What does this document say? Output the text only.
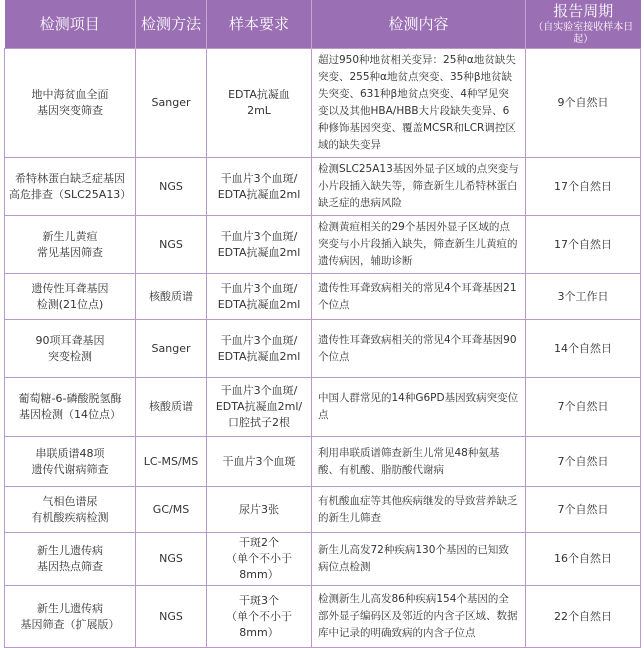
检测项目	检测方法	样本要求	检测内容	报告周期
（自实验室接收样本日起）

地中海贫血全面
基因突变筛查	Sanger	EDTA抗凝血
2mL	超过950种地贫相关变异：25种α地贫缺失突变、255种α地贫点突变、35种β地贫缺失突变、631种β地贫点突变、4种罕见突变以及其他HBA/HBB大片段缺失变异、6种修饰基因突变、覆盖MCSR和LCR调控区域的缺失变异	9个自然日

希特林蛋白缺乏症基因
高危排查（SLC25A13）	NGS	干血片3个血斑/
EDTA抗凝血2ml	检测SLC25A13基因外显子区域的点突变与小片段插入缺失等，筛查新生儿希特林蛋白缺乏症的患病风险	17个自然日

新生儿黄疸
常见基因筛查	NGS	干血片3个血斑/
EDTA抗凝血2ml	检测黄疸相关的29个基因外显子区域的点突变与小片段插入缺失，筛查新生儿黄疸的遗传病因，辅助诊断	17个自然日

遗传性耳聋基因
检测(21位点)	核酸质谱	干血片3个血斑/
EDTA抗凝血2ml	遗传性耳聋致病相关的常见4个耳聋基因21个位点	3个工作日

90项耳聋基因
突变检测	Sanger	干血片3个血斑/
EDTA抗凝血2ml	遗传性耳聋致病相关的常见4个耳聋基因90个位点	14个自然日

葡萄糖-6-磷酸脱氢酶
基因检测（14位点）	核酸质谱	干血片3个血斑/
EDTA抗凝血2ml/
口腔拭子2根	中国人群常见的14种G6PD基因致病突变位点	7个自然日

串联质谱48项
遗传代谢病筛查	LC-MS/MS	干血片3个血斑	利用串联质谱筛查新生儿常见48种氨基酸、有机酸、脂肪酸代谢病	7个自然日

气相色谱尿
有机酸疾病检测	GC/MS	尿片3张	有机酸血症等其他疾病继发的导致营养缺乏的新生儿筛查	7个自然日

新生儿遗传病
基因热点筛查	NGS	干斑2个
（单个不小于8mm）	新生儿高发72种疾病130个基因的已知致病位点检测	16个自然日

新生儿遗传病
基因筛查（扩展版）	NGS	干斑3个
（单个不小于8mm）	检测新生儿高发86种疾病154个基因的全部外显子编码区及邻近的内含子区域、数据库中记录的明确致病的内含子位点	22个自然日
